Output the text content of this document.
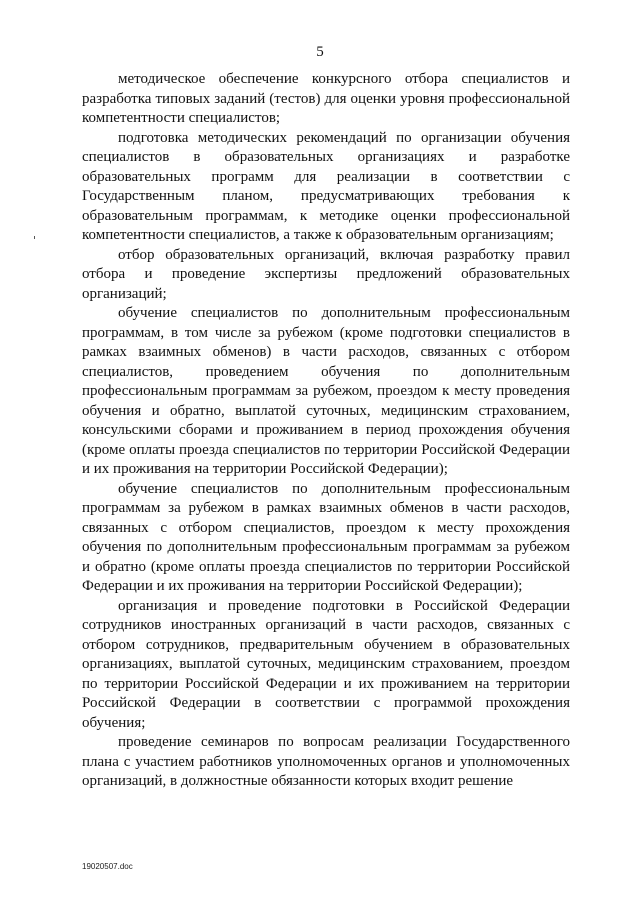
5

методическое обеспечение конкурсного отбора специалистов и разработка типовых заданий (тестов) для оценки уровня профессиональной компетентности специалистов;

подготовка методических рекомендаций по организации обучения специалистов в образовательных организациях и разработке образовательных программ для реализации в соответствии с Государственным планом, предусматривающих требования к образовательным программам, к методике оценки профессиональной компетентности специалистов, а также к образовательным организациям;

отбор образовательных организаций, включая разработку правил отбора и проведение экспертизы предложений образовательных организаций;

обучение специалистов по дополнительным профессиональным программам, в том числе за рубежом (кроме подготовки специалистов в рамках взаимных обменов) в части расходов, связанных с отбором специалистов, проведением обучения по дополнительным профессиональным программам за рубежом, проездом к месту проведения обучения и обратно, выплатой суточных, медицинским страхованием, консульскими сборами и проживанием в период прохождения обучения (кроме оплаты проезда специалистов по территории Российской Федерации и их проживания на территории Российской Федерации);

обучение специалистов по дополнительным профессиональным программам за рубежом в рамках взаимных обменов в части расходов, связанных с отбором специалистов, проездом к месту прохождения обучения по дополнительным профессиональным программам за рубежом и обратно (кроме оплаты проезда специалистов по территории Российской Федерации и их проживания на территории Российской Федерации);

организация и проведение подготовки в Российской Федерации сотрудников иностранных организаций в части расходов, связанных с отбором сотрудников, предварительным обучением в образовательных организациях, выплатой суточных, медицинским страхованием, проездом по территории Российской Федерации и их проживанием на территории Российской Федерации в соответствии с программой прохождения обучения;

проведение семинаров по вопросам реализации Государственного плана с участием работников уполномоченных органов и уполномоченных организаций, в должностные обязанности которых входит решение

19020507.doc
